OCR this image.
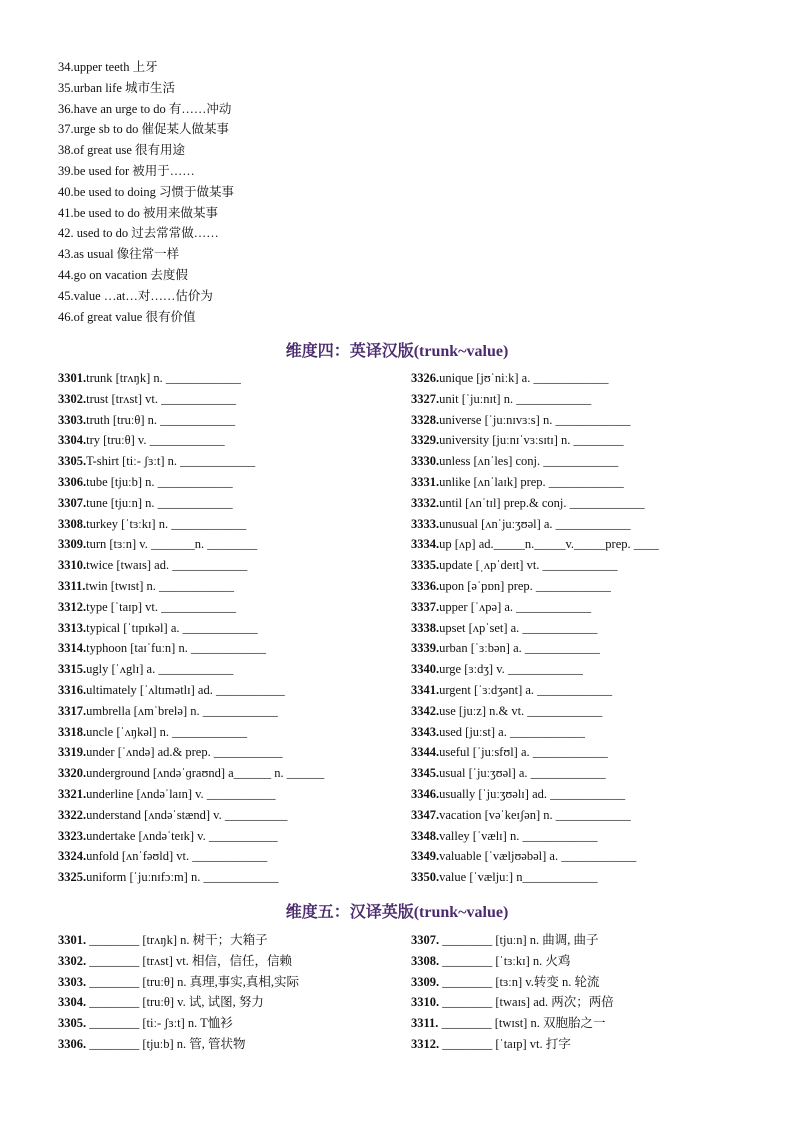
34.upper teeth 上牙
35.urban life 城市生活
36.have an urge to do 有……冲动
37.urge sb to do 催促某人做某事
38.of great use 很有用途
39.be used for 被用于……
40.be used to doing 习惯于做某事
41.be used to do 被用来做某事
42. used to do 过去常常做……
43.as usual 像往常一样
44.go on vacation 去度假
45.value …at…对……估价为
46.of great value 很有价值
维度四：英译汉版(trunk~value)
3301.trunk [trʌŋk] n. ____________
3302.trust [trʌst] vt. ____________
3303.truth [truːθ] n. ____________
3304.try [truːθ] v. ____________
3305.T-shirt [tiː- ʃɜːt] n. ____________
3306.tube [tjuːb] n. ____________
3307.tune [tjuːn] n. ____________
3308.turkey [ˈtɜːkɪ] n. ____________
3309.turn [tɜːn] v. _______n. ________
3310.twice [twaɪs] ad. ____________
3311.twin [twɪst] n. ____________
3312.type [ˈtaɪp] vt. ____________
3313.typical [ˈtɪpɪkəl] a. ____________
3314.typhoon [taɪˈfuːn] n. ____________
3315.ugly [ˈʌglɪ] a. ____________
3316.ultimately [ˈʌltɪmətlɪ] ad. ___________
3317.umbrella [ʌmˈbrelə] n. ____________
3318.uncle [ˈʌŋkəl] n. ____________
3319.under [ˈʌndə] ad.& prep. ___________
3320.underground [ʌndəˈɡraʊnd] a______ n. ______
3321.underline [ʌndəˈlaɪn] v. ___________
3322.understand [ʌndəˈstænd] v. __________
3323.undertake [ʌndəˈteɪk] v. ___________
3324.unfold [ʌnˈfəʊld] vt. ____________
3325.uniform [ˈjuːnɪfɔːm] n. ____________
3326.unique [jʊˈniːk] a. ____________
3327.unit [ˈjuːnɪt] n. ____________
3328.universe [ˈjuːnɪvɜːs] n. ____________
3329.university [juːnɪˈvɜːsɪtɪ] n. ________
3330.unless [ʌnˈles] conj. ____________
3331.unlike [ʌnˈlaɪk] prep. ____________
3332.until [ʌnˈtɪl] prep.& conj. ____________
3333.unusual [ʌnˈjuːʒʊəl] a. ____________
3334.up [ʌp] ad._____n._____v._____prep. ____
3335.update [ˌʌpˈdeɪt] vt. ____________
3336.upon [əˈpɒn] prep. ____________
3337.upper [ˈʌpə] a. ____________
3338.upset [ʌpˈset] a. ____________
3339.urban [ˈɜːbən] a. ____________
3340.urge [ɜːdʒ] v. ____________
3341.urgent [ˈɜːdʒənt] a. ____________
3342.use [juːz] n.& vt. ____________
3343.used [juːst] a. ____________
3344.useful [ˈjuːsfʊl] a. ____________
3345.usual [ˈjuːʒʊəl] a. ____________
3346.usually [ˈjuːʒʊəlɪ] ad. ____________
3347.vacation [vəˈkeɪʃən] n. ____________
3348.valley [ˈvælɪ] n. ____________
3349.valuable [ˈvæljʊəbəl] a. ____________
3350.value [ˈvæljuː] n____________
维度五：汉译英版(trunk~value)
3301. ________ [trʌŋk] n. 树干；大箱子
3302. ________ [trʌst] vt. 相信，信任，信赖
3303. ________ [truːθ] n. 真理,事实,真相,实际
3304. ________ [truːθ] v. 试, 试图, 努力
3305. ________ [tiː- ʃɜːt] n. T恤衫
3306. ________ [tjuːb] n. 管, 管状物
3307. ________ [tjuːn] n. 曲调, 曲子
3308. ________ [ˈtɜːkɪ] n. 火鸡
3309. ________ [tɜːn] v.转变 n. 轮流
3310. ________ [twaɪs] ad. 两次；两倍
3311. ________ [twɪst] n. 双胞胎之一
3312. ________ [ˈtaɪp] vt. 打字
